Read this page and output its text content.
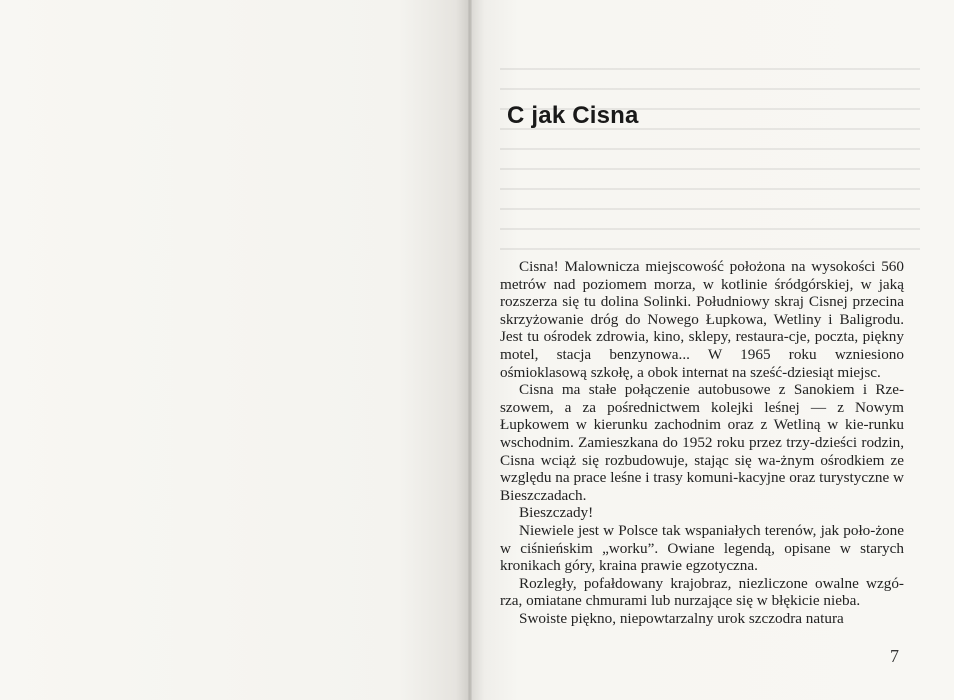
C jak Cisna

Cisna! Malownicza miejscowość położona na wysokości 560 metrów nad poziomem morza, w kotlinie śródgórskiej, w jaką rozszerza się tu dolina Solinki. Południowy skraj Cisnej przecina skrzyżowanie dróg do Nowego Łupkowa, Wetliny i Baligrodu. Jest tu ośrodek zdrowia, kino, sklepy, restaura-cje, poczta, piękny motel, stacja benzynowa... W 1965 roku wzniesiono ośmioklasową szkołę, a obok internat na sześć-dziesiąt miejsc.

Cisna ma stałe połączenie autobusowe z Sanokiem i Rze-szowem, a za pośrednictwem kolejki leśnej — z Nowym Łupkowem w kierunku zachodnim oraz z Wetliną w kie-runku wschodnim. Zamieszkana do 1952 roku przez trzy-dzieści rodzin, Cisna wciąż się rozbudowuje, stając się wa-żnym ośrodkiem ze względu na prace leśne i trasy komuni-kacyjne oraz turystyczne w Bieszczadach.

Bieszczady!

Niewiele jest w Polsce tak wspaniałych terenów, jak poło-żone w ciśnieńskim „worku”. Owiane legendą, opisane w starych kronikach góry, kraina prawie egzotyczna.

Rozległy, pofałdowany krajobraz, niezliczone owalne wzgó-rza, omiatane chmurami lub nurzające się w błękicie nieba.

Swoiste piękno, niepowtarzalny urok szczodra natura

7
